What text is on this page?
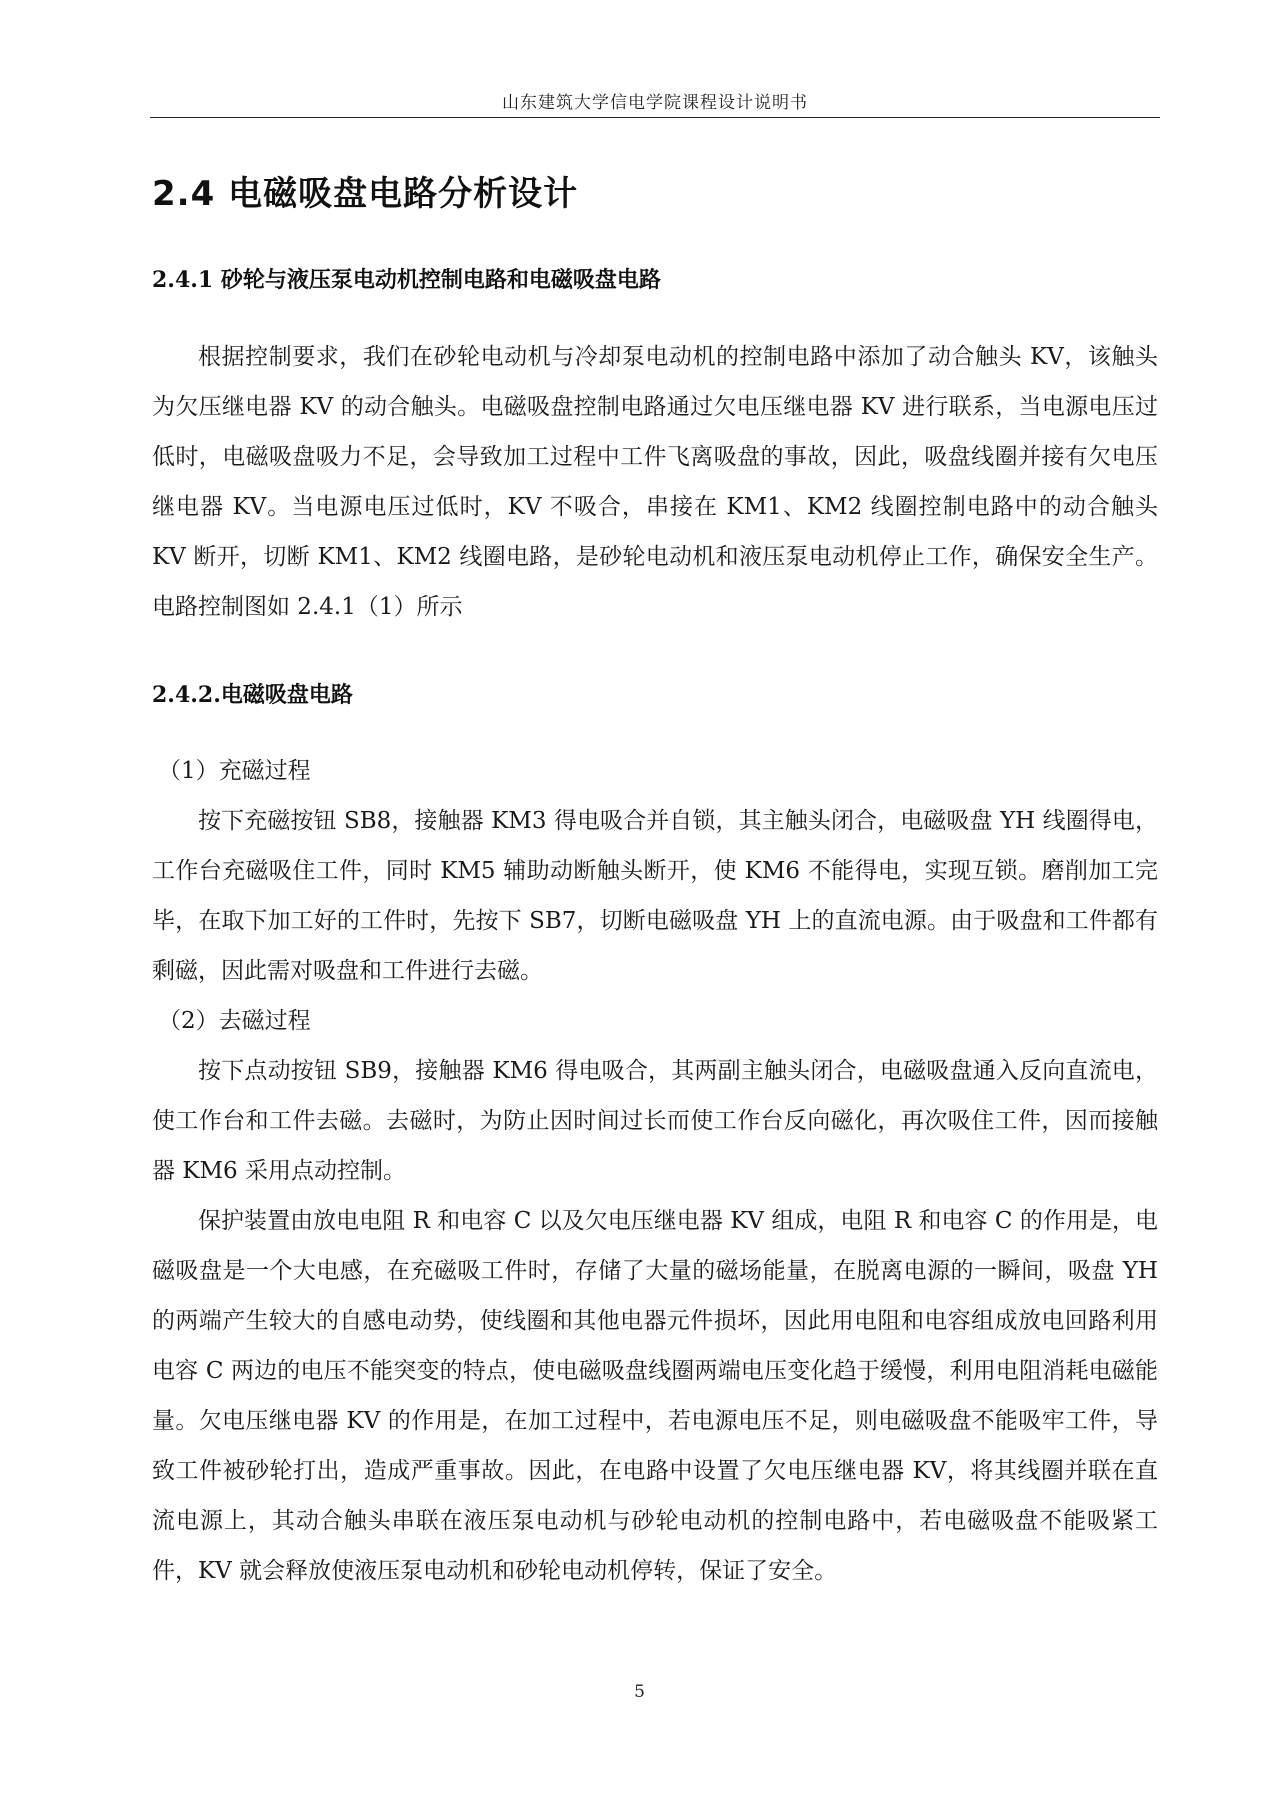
山东建筑大学信电学院课程设计说明书
2.4 电磁吸盘电路分析设计
2.4.1 砂轮与液压泵电动机控制电路和电磁吸盘电路
根据控制要求，我们在砂轮电动机与冷却泵电动机的控制电路中添加了动合触头 KV，该触头为欠压继电器 KV 的动合触头。电磁吸盘控制电路通过欠电压继电器 KV 进行联系，当电源电压过低时，电磁吸盘吸力不足，会导致加工过程中工件飞离吸盘的事故，因此，吸盘线圈并接有欠电压继电器 KV。当电源电压过低时，KV 不吸合，串接在 KM1、KM2 线圈控制电路中的动合触头 KV 断开，切断 KM1、KM2 线圈电路，是砂轮电动机和液压泵电动机停止工作，确保安全生产。电路控制图如 2.4.1（1）所示
2.4.2.电磁吸盘电路
（1）充磁过程
按下充磁按钮 SB8，接触器 KM3 得电吸合并自锁，其主触头闭合，电磁吸盘 YH 线圈得电，工作台充磁吸住工件，同时 KM5 辅助动断触头断开，使 KM6 不能得电，实现互锁。磨削加工完毕，在取下加工好的工件时，先按下 SB7，切断电磁吸盘 YH 上的直流电源。由于吸盘和工件都有剩磁，因此需对吸盘和工件进行去磁。
（2）去磁过程
按下点动按钮 SB9，接触器 KM6 得电吸合，其两副主触头闭合，电磁吸盘通入反向直流电，使工作台和工件去磁。去磁时，为防止因时间过长而使工作台反向磁化，再次吸住工件，因而接触器 KM6 采用点动控制。
保护装置由放电电阻 R 和电容 C 以及欠电压继电器 KV 组成，电阻 R 和电容 C 的作用是，电磁吸盘是一个大电感，在充磁吸工件时，存储了大量的磁场能量，在脱离电源的一瞬间，吸盘 YH 的两端产生较大的自感电动势，使线圈和其他电器元件损坏，因此用电阻和电容组成放电回路利用电容 C 两边的电压不能突变的特点，使电磁吸盘线圈两端电压变化趋于缓慢，利用电阻消耗电磁能量。欠电压继电器 KV 的作用是，在加工过程中，若电源电压不足，则电磁吸盘不能吸牢工件，导致工件被砂轮打出，造成严重事故。因此，在电路中设置了欠电压继电器 KV，将其线圈并联在直流电源上，其动合触头串联在液压泵电动机与砂轮电动机的控制电路中，若电磁吸盘不能吸紧工件，KV 就会释放使液压泵电动机和砂轮电动机停转，保证了安全。
5
